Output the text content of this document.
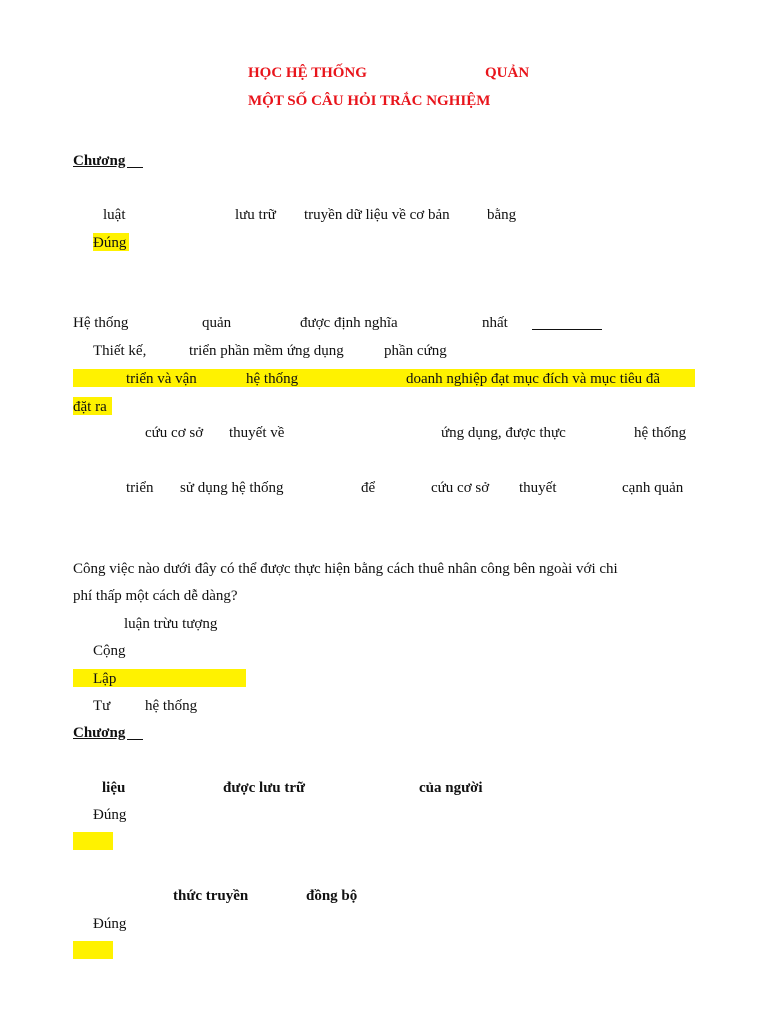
HỌC HỆ THỐNG	QUẢN
MỘT SỐ CÂU HỎI TRẮC NGHIỆM
Chương
luật	lưu trữ truyền dữ liệu về cơ bản bằng
Đúng
Hệ thống	quản	được định nghĩa	nhất
Thiết kế,	triển phần mềm ứng dụng	phần cứng
triển và vận	hệ thống	doanh nghiệp đạt mục đích và mục tiêu đã
đặt ra
cứu cơ sở thuyết về	ứng dụng, được thực	hệ thống
triển sử dụng hệ thống	để	cứu cơ sở thuyết	cạnh quản
Công việc nào dưới đây có thể được thực hiện bằng cách thuê nhân công bên ngoài với chi
phí thấp một cách dễ dàng?
luận trừu tượng
Cộng
Lập
Tư hệ thống
Chương
liệu	được lưu trữ	của người
Đúng
thức truyền	đồng bộ
Đúng
